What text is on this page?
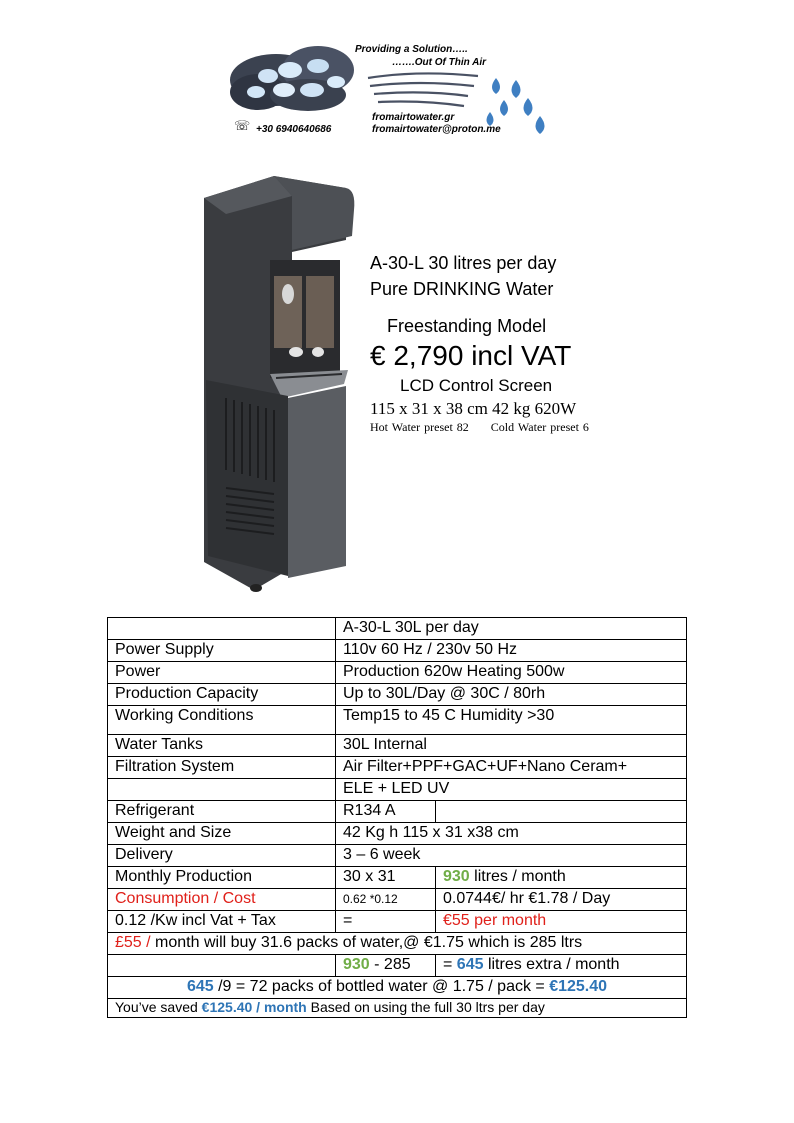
Providing a Solution…..
…….Out Of Thin Air
☏ +30 6940640686
fromairtowater.gr
fromairtowater@proton.me
A-30-L 30 litres per day
Pure DRINKING Water
Freestanding Model
€ 2,790 incl VAT
LCD Control Screen
115 x 31 x 38 cm 42 kg 620W
Hot Water preset 82 Cold Water preset 6
	A-30-L 30L per day	
Power Supply	110v 60 Hz / 230v 50 Hz	
Power	Production 620w Heating 500w	
Production Capacity	Up to 30L/Day @ 30C / 80rh	
Working Conditions	Temp15 to 45 C Humidity >30	
Water Tanks	30L Internal	
Filtration System	Air Filter+PPF+GAC+UF+Nano Ceram+	
	ELE + LED UV	
Refrigerant	R134 A	
Weight and Size	42 Kg h 115 x 31 x38 cm	
Delivery	3 – 6 week	
Monthly Production	30 x 31	930 litres / month
Consumption / Cost	0.62 *0.12	0.0744€/ hr €1.78 / Day
0.12 /Kw incl Vat + Tax	=	€55 per month
£55 / month will buy 31.6 packs of water,@ €1.75 which is 285 ltrs		
	930 - 285	= 645 litres extra / month
645 /9 = 72 packs of bottled water @ 1.75 / pack = €125.40		
You’ve saved €125.40 / month Based on using the full 30 ltrs per day		
